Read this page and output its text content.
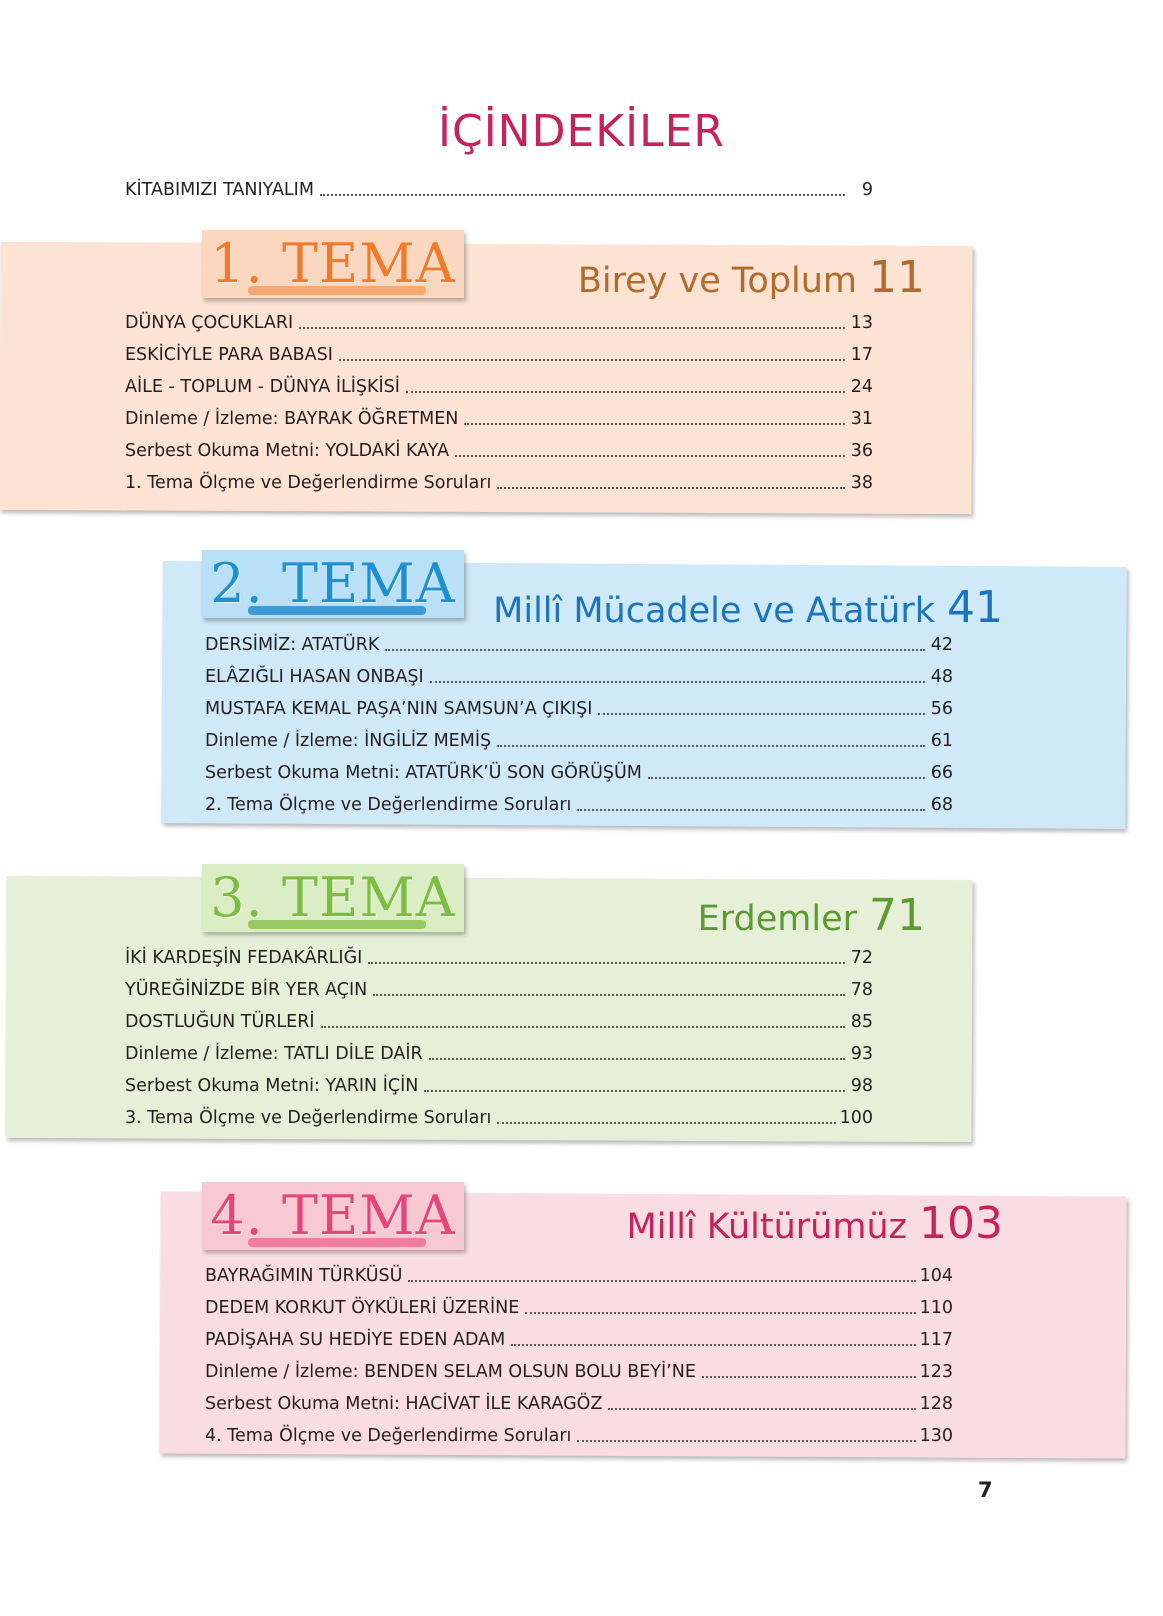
İÇİNDEKİLER
KİTABIMIZI TANIYALIM	9
1. TEMA	Birey ve Toplum 11
DÜNYA ÇOCUKLARI	13
ESKİCİYLE PARA BABASI	17
AİLE - TOPLUM - DÜNYA İLİŞKİSİ	24
Dinleme / İzleme: BAYRAK ÖĞRETMEN	31
Serbest Okuma Metni: YOLDAKİ KAYA	36
1. Tema Ölçme ve Değerlendirme Soruları	38
2. TEMA Millî Mücadele ve Atatürk 41
DERSİMİZ: ATATÜRK	42
ELÂZIĞLI HASAN ONBAŞI	48
MUSTAFA KEMAL PAŞA’NIN SAMSUN’A ÇIKIŞI	56
Dinleme / İzleme: İNGİLİZ MEMİŞ	61
Serbest Okuma Metni: ATATÜRK’Ü SON GÖRÜŞÜM	66
2. Tema Ölçme ve Değerlendirme Soruları	68
3. TEMA	Erdemler 71
İKİ KARDEŞİN FEDAKÂRLIĞI	72
YÜREĞİNİZDE BİR YER AÇIN	78
DOSTLUĞUN TÜRLERİ	85
Dinleme / İzleme: TATLI DİLE DAİR	93
Serbest Okuma Metni: YARIN İÇİN	98
3. Tema Ölçme ve Değerlendirme Soruları	100
4. TEMA	Millî Kültürümüz 103
BAYRAĞIMIN TÜRKÜSÜ	104
DEDEM KORKUT ÖYKÜLERİ ÜZERİNE	110
PADİŞAHA SU HEDİYE EDEN ADAM	117
Dinleme / İzleme: BENDEN SELAM OLSUN BOLU BEYİ’NE	123
Serbest Okuma Metni: HACİVAT İLE KARAGÖZ	128
4. Tema Ölçme ve Değerlendirme Soruları	130
7
